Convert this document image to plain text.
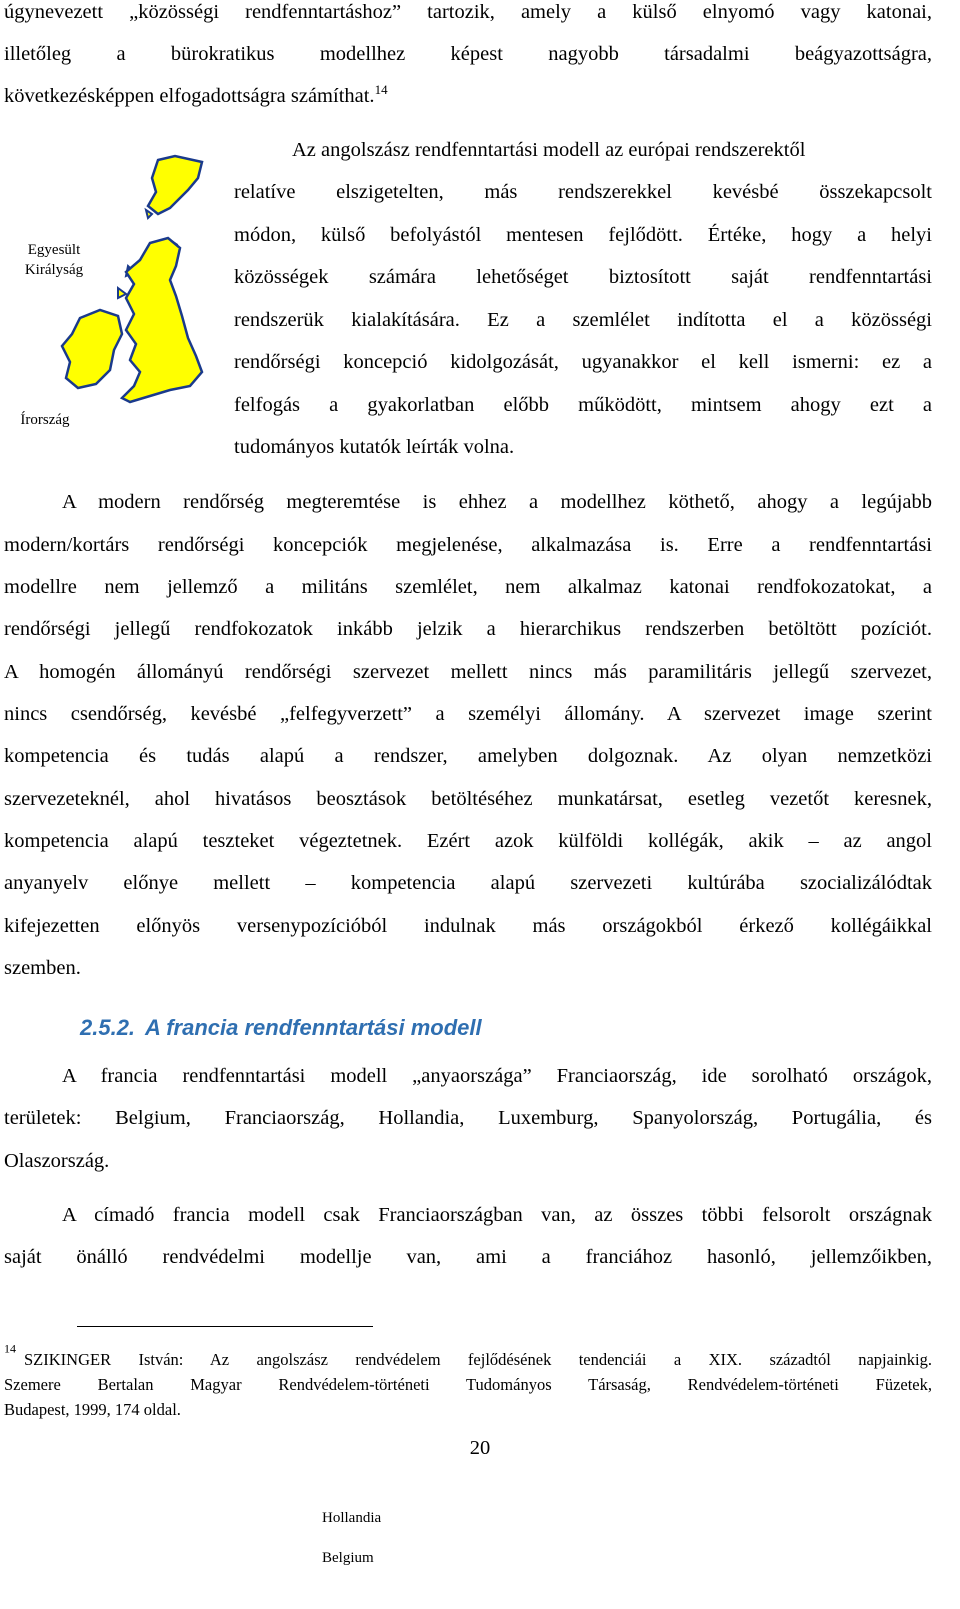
úgynevezett „közösségi rendfenntartáshoz” tartozik, amely a külső elnyomó vagy katonai,
illetőleg a bürokratikus modellhez képest nagyobb társadalmi beágyazottságra,
következésképpen elfogadottságra számíthat.$^{14}$
Egyesült
Királyság
Írország
Az angolszász rendfenntartási modell az európai rendszerektől
relatíve elszigetelten, más rendszerekkel kevésbé összekapcsolt
módon, külső befolyástól mentesen fejlődött. Értéke, hogy a helyi
közösségek számára lehetőséget biztosított saját rendfenntartási
rendszerük kialakítására. Ez a szemlélet indította el a közösségi
rendőrségi koncepció kidolgozását, ugyanakkor el kell ismerni: ez a
felfogás a gyakorlatban előbb működött, mintsem ahogy ezt a
tudományos kutatók leírták volna.
A modern rendőrség megteremtése is ehhez a modellhez köthető, ahogy a legújabb
modern/kortárs rendőrségi koncepciók megjelenése, alkalmazása is. Erre a rendfenntartási
modellre nem jellemző a militáns szemlélet, nem alkalmaz katonai rendfokozatokat, a
rendőrségi jellegű rendfokozatok inkább jelzik a hierarchikus rendszerben betöltött pozíciót.
A homogén állományú rendőrségi szervezet mellett nincs más paramilitáris jellegű szervezet,
nincs csendőrség, kevésbé „felfegyverzett” a személyi állomány. A szervezet image szerint
kompetencia és tudás alapú a rendszer, amelyben dolgoznak. Az olyan nemzetközi
szervezeteknél, ahol hivatásos beosztások betöltéséhez munkatársat, esetleg vezetőt keresnek,
kompetencia alapú teszteket végeztetnek. Ezért azok külföldi kollégák, akik – az angol
anyanyelv előnye mellett – kompetencia alapú szervezeti kultúrába szocializálódtak
kifejezetten előnyös versenypozícióból indulnak más országokból érkező kollégáikkal
szemben.
2.5.2. A francia rendfenntartási modell
A francia rendfenntartási modell „anyaországa” Franciaország, ide sorolható országok,
területek: Belgium, Franciaország, Hollandia, Luxemburg, Spanyolország, Portugália, és
Olaszország.
A címadó francia modell csak Franciaországban van, az összes többi felsorolt országnak
saját önálló rendvédelmi modellje van, ami a franciához hasonló, jellemzőikben,
$^{14}$
SZIKINGER István: Az angolszász rendvédelem fejlődésének tendenciái a XIX. századtól napjainkig.
Szemere Bertalan Magyar Rendvédelem-történeti Tudományos Társaság, Rendvédelem-történeti Füzetek,
Budapest, 1999, 174 oldal.
20
Hollandia
Belgium
